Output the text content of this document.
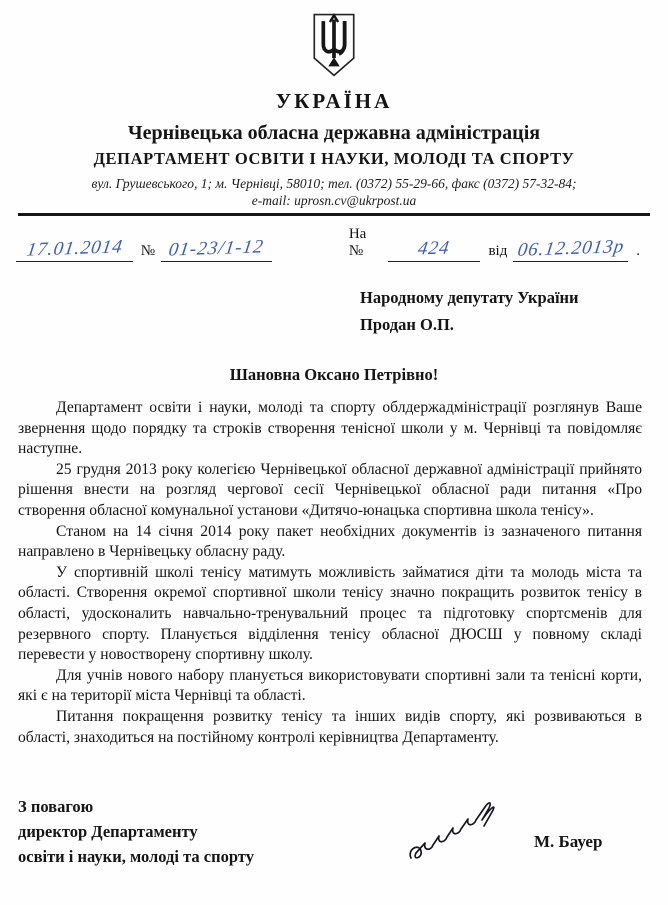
УКРАЇНА
Чернівецька обласна державна адміністрація
ДЕПАРТАМЕНТ ОСВІТИ І НАУКИ, МОЛОДІ ТА СПОРТУ
вул. Грушевського, 1; м. Чернівці, 58010; тел. (0372) 55-29-66, факс (0372) 57-32-84;
e-mail: uprosn.cv@ukrpost.ua
17.01.2014	№ 01-23/1-12
На №	424	від 06.12.2013р .
Народному депутату України
Продан О.П.
Шановна Оксано Петрівно!

Департамент освіти і науки, молоді та спорту облдержадміністрації розглянув Ваше звернення щодо порядку та строків створення тенісної школи у м. Чернівці та повідомляє наступне.

25 грудня 2013 року колегією Чернівецької обласної державної адміністрації прийнято рішення внести на розгляд чергової сесії Чернівецької обласної ради питання «Про створення обласної комунальної установи «Дитячо-юнацька спортивна школа тенісу».

Станом на 14 січня 2014 року пакет необхідних документів із зазначеного питання направлено в Чернівецьку обласну раду.

У спортивній школі тенісу матимуть можливість займатися діти та молодь міста та області. Створення окремої спортивної школи тенісу значно покращить розвиток тенісу в області, удосконалить навчально-тренувальний процес та підготовку спортсменів для резервного спорту. Планується відділення тенісу обласної ДЮСШ у повному складі перевести у новостворену спортивну школу.

Для учнів нового набору планується використовувати спортивні зали та тенісні корти, які є на території міста Чернівці та області.

Питання покращення розвитку тенісу та інших видів спорту, які розвиваються в області, знаходиться на постійному контролі керівництва Департаменту.

З повагою
директор Департаменту
освіти і науки, молоді та спорту
М. Бауер
